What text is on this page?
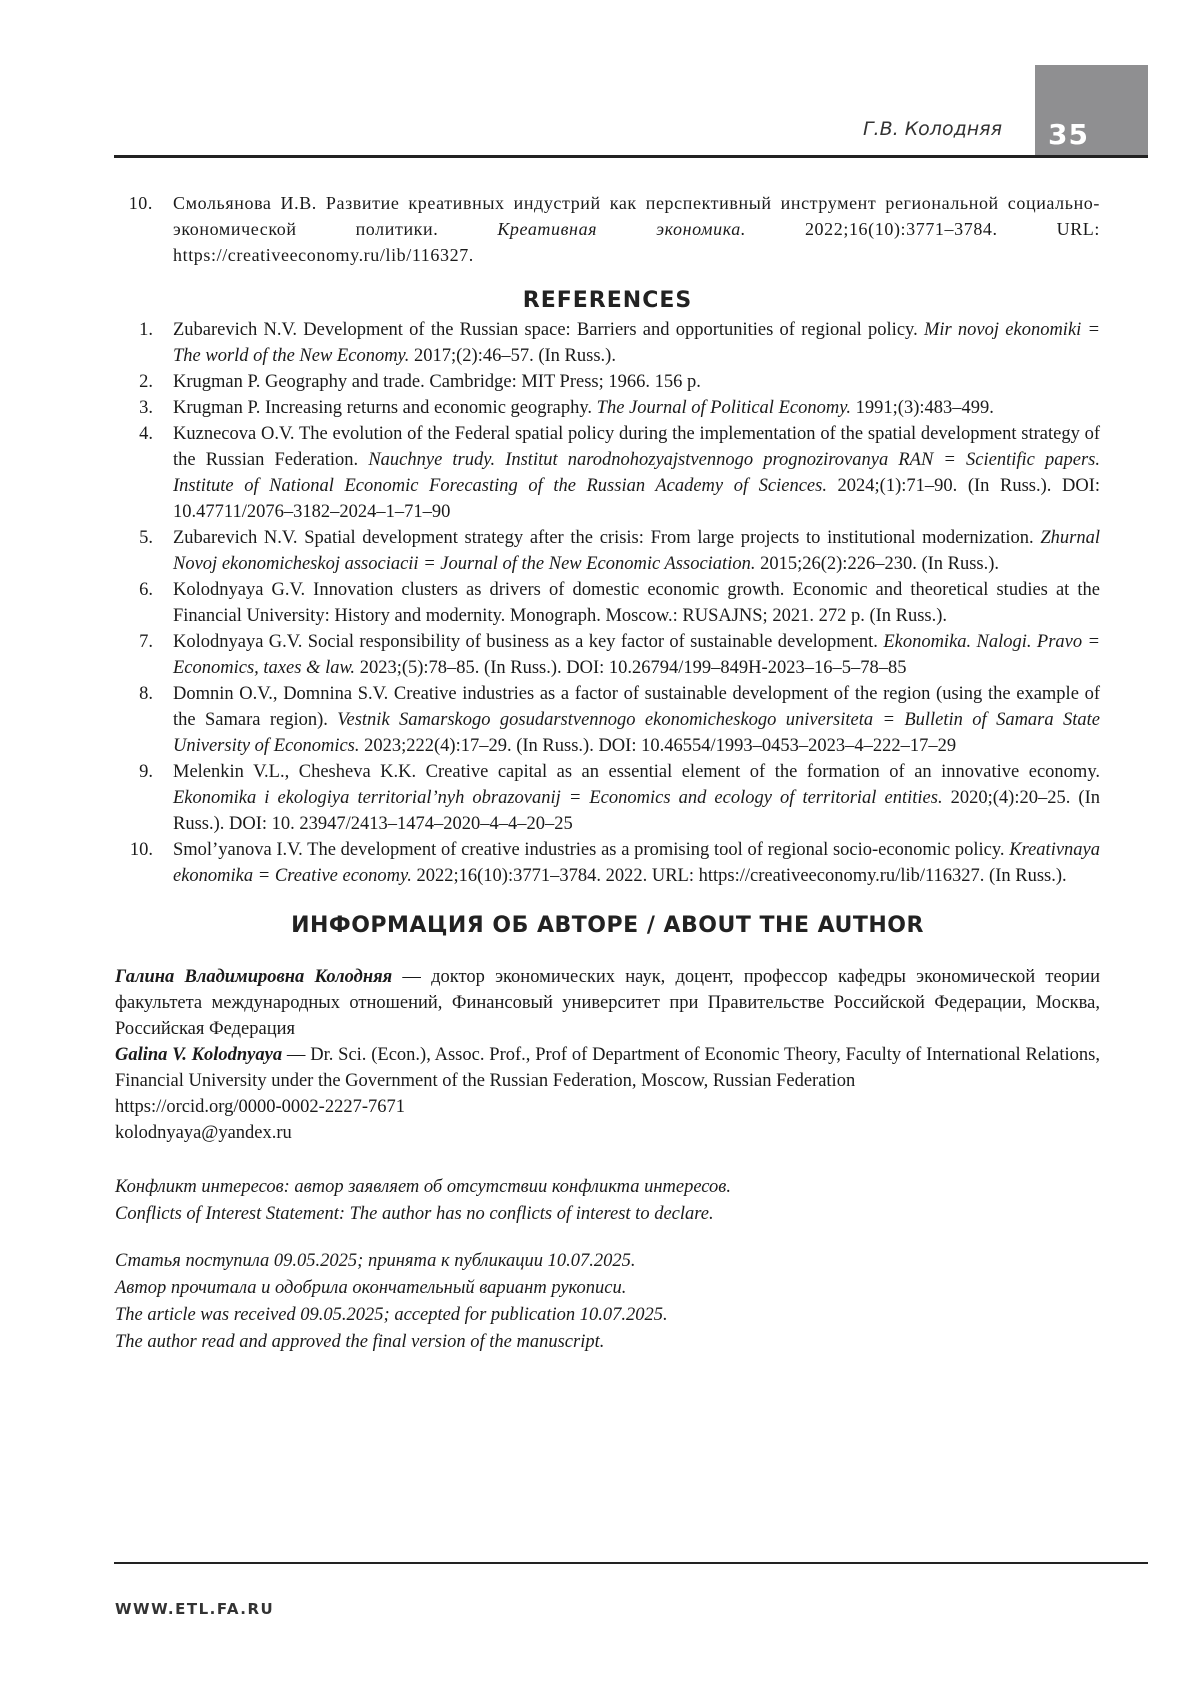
35
Г.В. Колодняя
10. Смольянова И.В. Развитие креативных индустрий как перспективный инструмент региональной социально-экономической политики. Креативная экономика. 2022;16(10):3771–3784. URL: https://creativeeconomy.ru/lib/116327.
REFERENCES
1. Zubarevich N.V. Development of the Russian space: Barriers and opportunities of regional policy. Mir novoj ekonomiki = The world of the New Economy. 2017;(2):46–57. (In Russ.).
2. Krugman P. Geography and trade. Cambridge: MIT Press; 1966. 156 p.
3. Krugman P. Increasing returns and economic geography. The Journal of Political Economy. 1991;(3):483–499.
4. Kuznecova O.V. The evolution of the Federal spatial policy during the implementation of the spatial development strategy of the Russian Federation. Nauchnye trudy. Institut narodnohozyajstvennogo prognozirovanya RAN = Scientific papers. Institute of National Economic Forecasting of the Russian Academy of Sciences. 2024;(1):71–90. (In Russ.). DOI: 10.47711/2076–3182–2024–1–71–90
5. Zubarevich N.V. Spatial development strategy after the crisis: From large projects to institutional modernization. Zhurnal Novoj ekonomicheskoj associacii = Journal of the New Economic Association. 2015;26(2):226–230. (In Russ.).
6. Kolodnyaya G.V. Innovation clusters as drivers of domestic economic growth. Economic and theoretical studies at the Financial University: History and modernity. Monograph. Moscow.: RUSAJNS; 2021. 272 p. (In Russ.).
7. Kolodnyaya G.V. Social responsibility of business as a key factor of sustainable development. Ekonomika. Nalogi. Pravo = Economics, taxes & law. 2023;(5):78–85. (In Russ.). DOI: 10.26794/199–849H-2023–16–5–78–85
8. Domnin O.V., Domnina S.V. Creative industries as a factor of sustainable development of the region (using the example of the Samara region). Vestnik Samarskogo gosudarstvennogo ekonomicheskogo universiteta = Bulletin of Samara State University of Economics. 2023;222(4):17–29. (In Russ.). DOI: 10.46554/1993–0453–2023–4–222–17–29
9. Melenkin V.L., Chesheva K.K. Creative capital as an essential element of the formation of an innovative economy. Ekonomika i ekologiya territorial’nyh obrazovanij = Economics and ecology of territorial entities. 2020;(4):20–25. (In Russ.). DOI: 10. 23947/2413–1474–2020–4–4–20–25
10. Smol’yanova I.V. The development of creative industries as a promising tool of regional socio-economic policy. Kreativnaya ekonomika = Creative economy. 2022;16(10):3771–3784. 2022. URL: https://creativeeconomy.ru/lib/116327. (In Russ.).
ИНФОРМАЦИЯ ОБ АВТОРЕ / ABOUT THE AUTHOR

Галина Владимировна Колодняя — доктор экономических наук, доцент, профессор кафедры экономической теории факультета международных отношений, Финансовый университет при Правительстве Российской Федерации, Москва, Российская Федерация

Galina V. Kolodnyaya — Dr. Sci. (Econ.), Assoc. Prof., Prof of Department of Economic Theory, Faculty of International Relations, Financial University under the Government of the Russian Federation, Moscow, Russian Federation

https://orcid.org/0000-0002-2227-7671

kolodnyaya@yandex.ru

Конфликт интересов: автор заявляет об отсутствии конфликта интересов.

Conflicts of Interest Statement: The author has no conflicts of interest to declare.

Статья поступила 09.05.2025; принята к публикации 10.07.2025.

Автор прочитала и одобрила окончательный вариант рукописи.

The article was received 09.05.2025; accepted for publication 10.07.2025.

The author read and approved the final version of the manuscript.

WWW.ETL.FA.RU
